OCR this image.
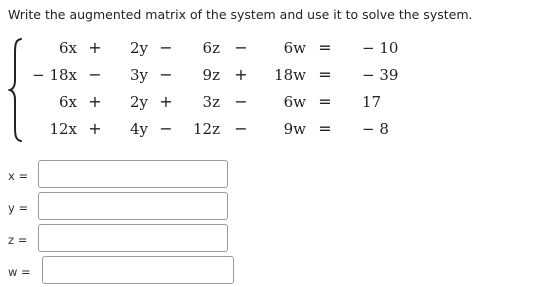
Write the augmented matrix of the system and use it to solve the system.
6x +	2y −	6z −	6w = − 10
− 18x −	3y −	9z +	18w = − 39
6x +	2y +	3z −	6w = 17
12x +	4y −	12z −	9w = − 8
x =
y =
z =
w =
